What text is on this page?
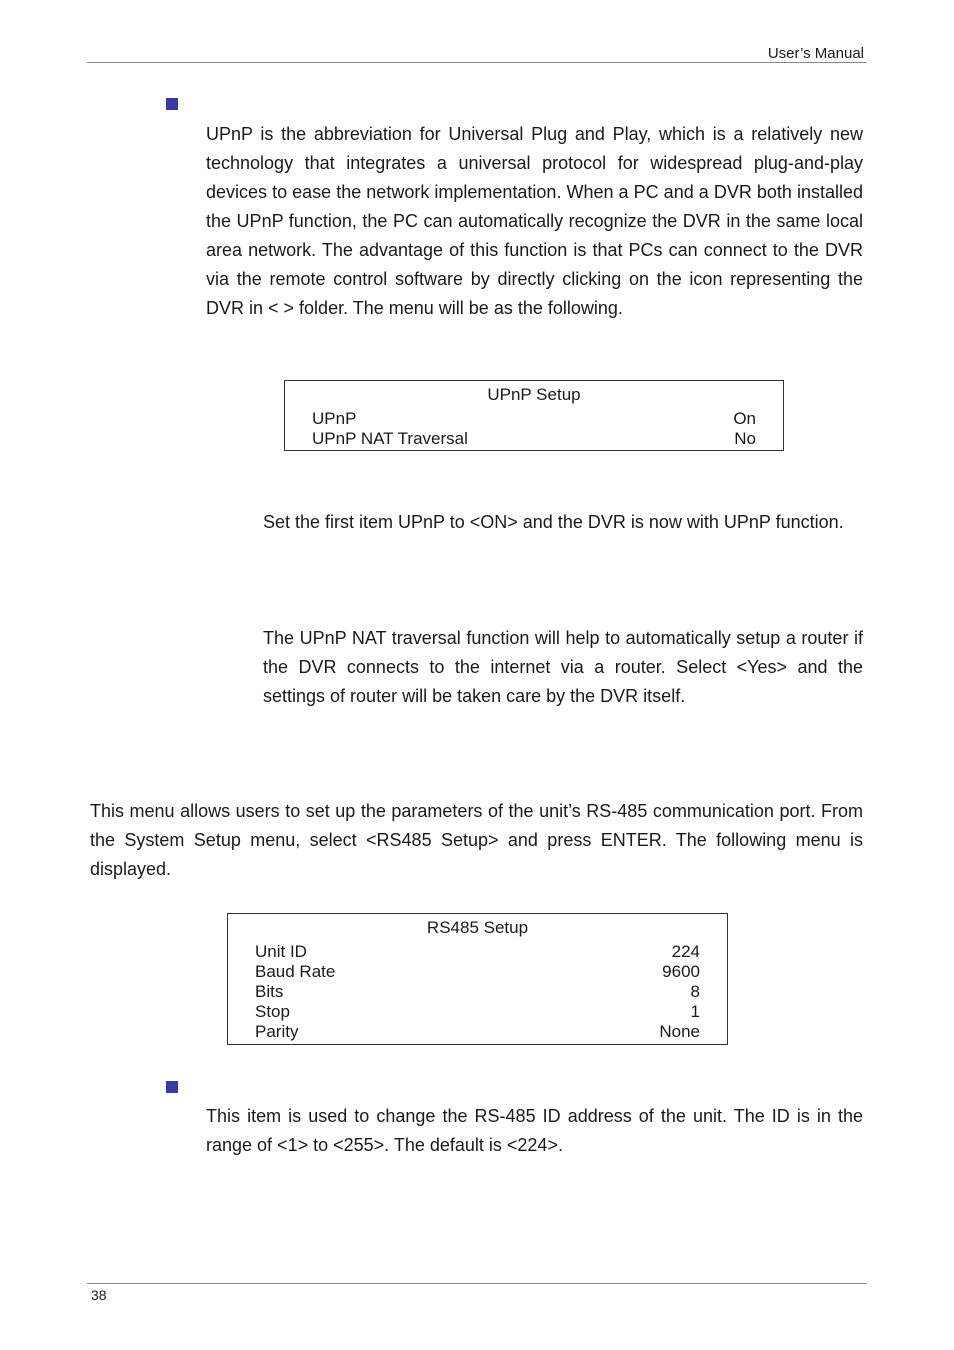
User’s Manual

UPnP is the abbreviation for Universal Plug and Play, which is a relatively new technology that integrates a universal protocol for widespread plug-and-play devices to ease the network implementation. When a PC and a DVR both installed the UPnP function, the PC can automatically recognize the DVR in the same local area network. The advantage of this function is that PCs can connect to the DVR via the remote control software by directly clicking on the icon representing the DVR in < > folder. The menu will be as the following.

UPnP Setup
UPnP	On
UPnP NAT Traversal	No

Set the first item UPnP to <ON> and the DVR is now with UPnP function.

The UPnP NAT traversal function will help to automatically setup a router if the DVR connects to the internet via a router. Select <Yes> and the settings of router will be taken care by the DVR itself.

This menu allows users to set up the parameters of the unit’s RS-485 communication port. From the System Setup menu, select <RS485 Setup> and press ENTER. The following menu is displayed.

RS485 Setup
Unit ID	224
Baud Rate	9600
Bits	8
Stop	1
Parity	None

This item is used to change the RS-485 ID address of the unit. The ID is in the range of <1> to <255>. The default is <224>.

38
